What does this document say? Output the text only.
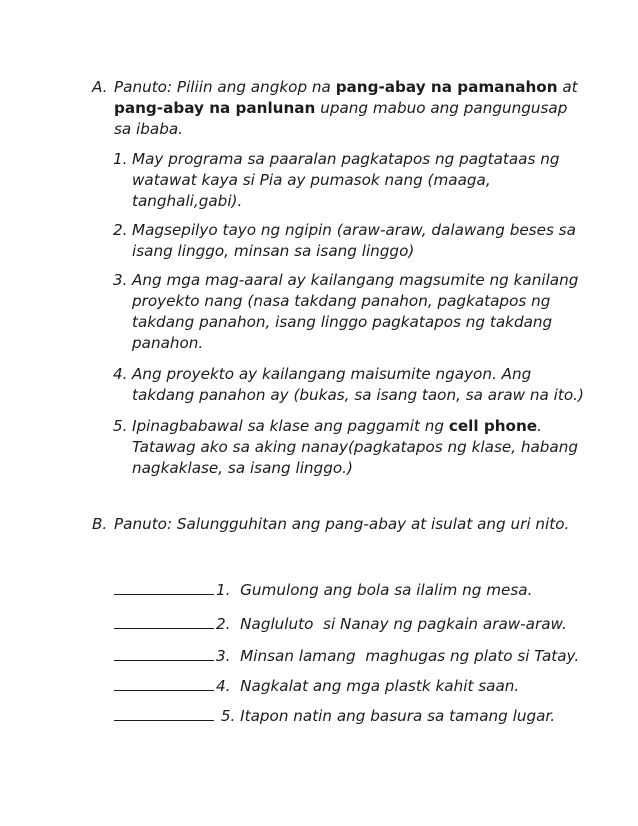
A. Panuto: Piliin ang angkop na pang-abay na pamanahon at pang-abay na panlunan upang mabuo ang pangungusap sa ibaba.
1. May programa sa paaralan pagkatapos ng pagtataas ng watawat kaya si Pia ay pumasok nang (maaga, tanghali,gabi).
2. Magsepilyo tayo ng ngipin (araw-araw, dalawang beses sa isang linggo, minsan sa isang linggo)
3. Ang mga mag-aaral ay kailangang magsumite ng kanilang proyekto nang (nasa takdang panahon, pagkatapos ng takdang panahon, isang linggo pagkatapos ng takdang panahon.
4. Ang proyekto ay kailangang maisumite ngayon. Ang takdang panahon ay (bukas, sa isang taon, sa araw na ito.)
5. Ipinagbabawal sa klase ang paggamit ng cell phone. Tatawag ako sa aking nanay(pagkatapos ng klase, habang nagkaklase, sa isang linggo.)
B. Panuto: Salungguhitan ang pang-abay at isulat ang uri nito.
1.  Gumulong ang bola sa ilalim ng mesa.
2.  Nagluluto  si Nanay ng pagkain araw-araw.
3.  Minsan lamang  maghugas ng plato si Tatay.
4.  Nagkalat ang mga plastk kahit saan.
5. Itapon natin ang basura sa tamang lugar.
